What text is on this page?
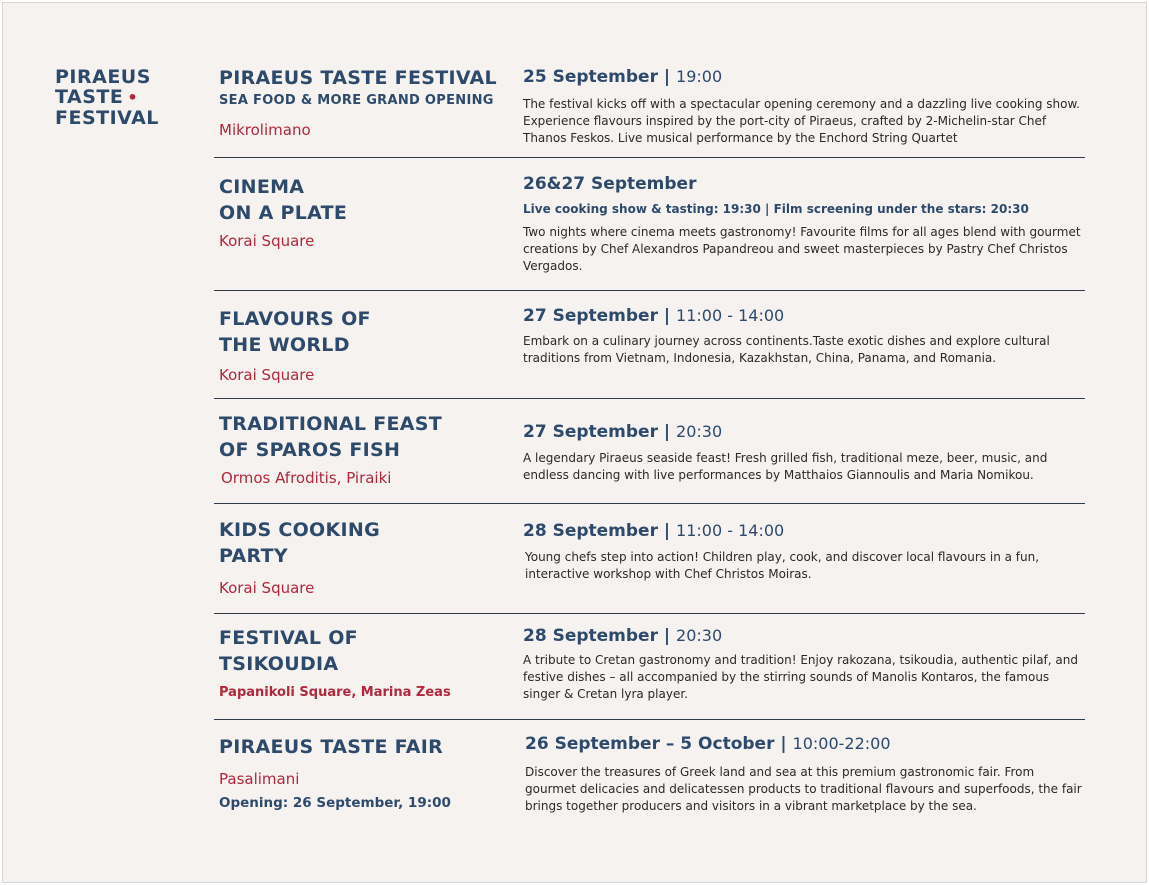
PIRAEUS
TASTE •
FESTIVAL
PIRAEUS TASTE FESTIVAL
SEA FOOD & MORE GRAND OPENING
Mikrolimano
25 September | 19:00
The festival kicks off with a spectacular opening ceremony and a dazzling live cooking show. Experience flavours inspired by the port-city of Piraeus, crafted by 2-Michelin-star Chef Thanos Feskos. Live musical performance by the Enchord String Quartet
CINEMA
ON A PLATE
Korai Square
26&27 September
Live cooking show & tasting: 19:30 | Film screening under the stars: 20:30
Two nights where cinema meets gastronomy! Favourite films for all ages blend with gourmet creations by Chef Alexandros Papandreou and sweet masterpieces by Pastry Chef Christos Vergados.
FLAVOURS OF
THE WORLD
Korai Square
27 September | 11:00 - 14:00
Embark on a culinary journey across continents.Taste exotic dishes and explore cultural traditions from Vietnam, Indonesia, Kazakhstan, China, Panama, and Romania.
TRADITIONAL FEAST
OF SPAROS FISH
Ormos Afroditis, Piraiki
27 September | 20:30
A legendary Piraeus seaside feast! Fresh grilled fish, traditional meze, beer, music, and endless dancing with live performances by Matthaios Giannoulis and Maria Nomikou.
KIDS COOKING
PARTY
Korai Square
28 September | 11:00 - 14:00
Young chefs step into action! Children play, cook, and discover local flavours in a fun, interactive workshop with Chef Christos Moiras.
FESTIVAL OF
TSIKOUDIA
Papanikoli Square, Marina Zeas
28 September | 20:30
A tribute to Cretan gastronomy and tradition! Enjoy rakozana, tsikoudia, authentic pilaf, and festive dishes – all accompanied by the stirring sounds of Manolis Kontaros, the famous singer & Cretan lyra player.
PIRAEUS TASTE FAIR
Pasalimani
Opening: 26 September, 19:00
26 September – 5 October | 10:00-22:00
Discover the treasures of Greek land and sea at this premium gastronomic fair. From gourmet delicacies and delicatessen products to traditional flavours and superfoods, the fair brings together producers and visitors in a vibrant marketplace by the sea.
